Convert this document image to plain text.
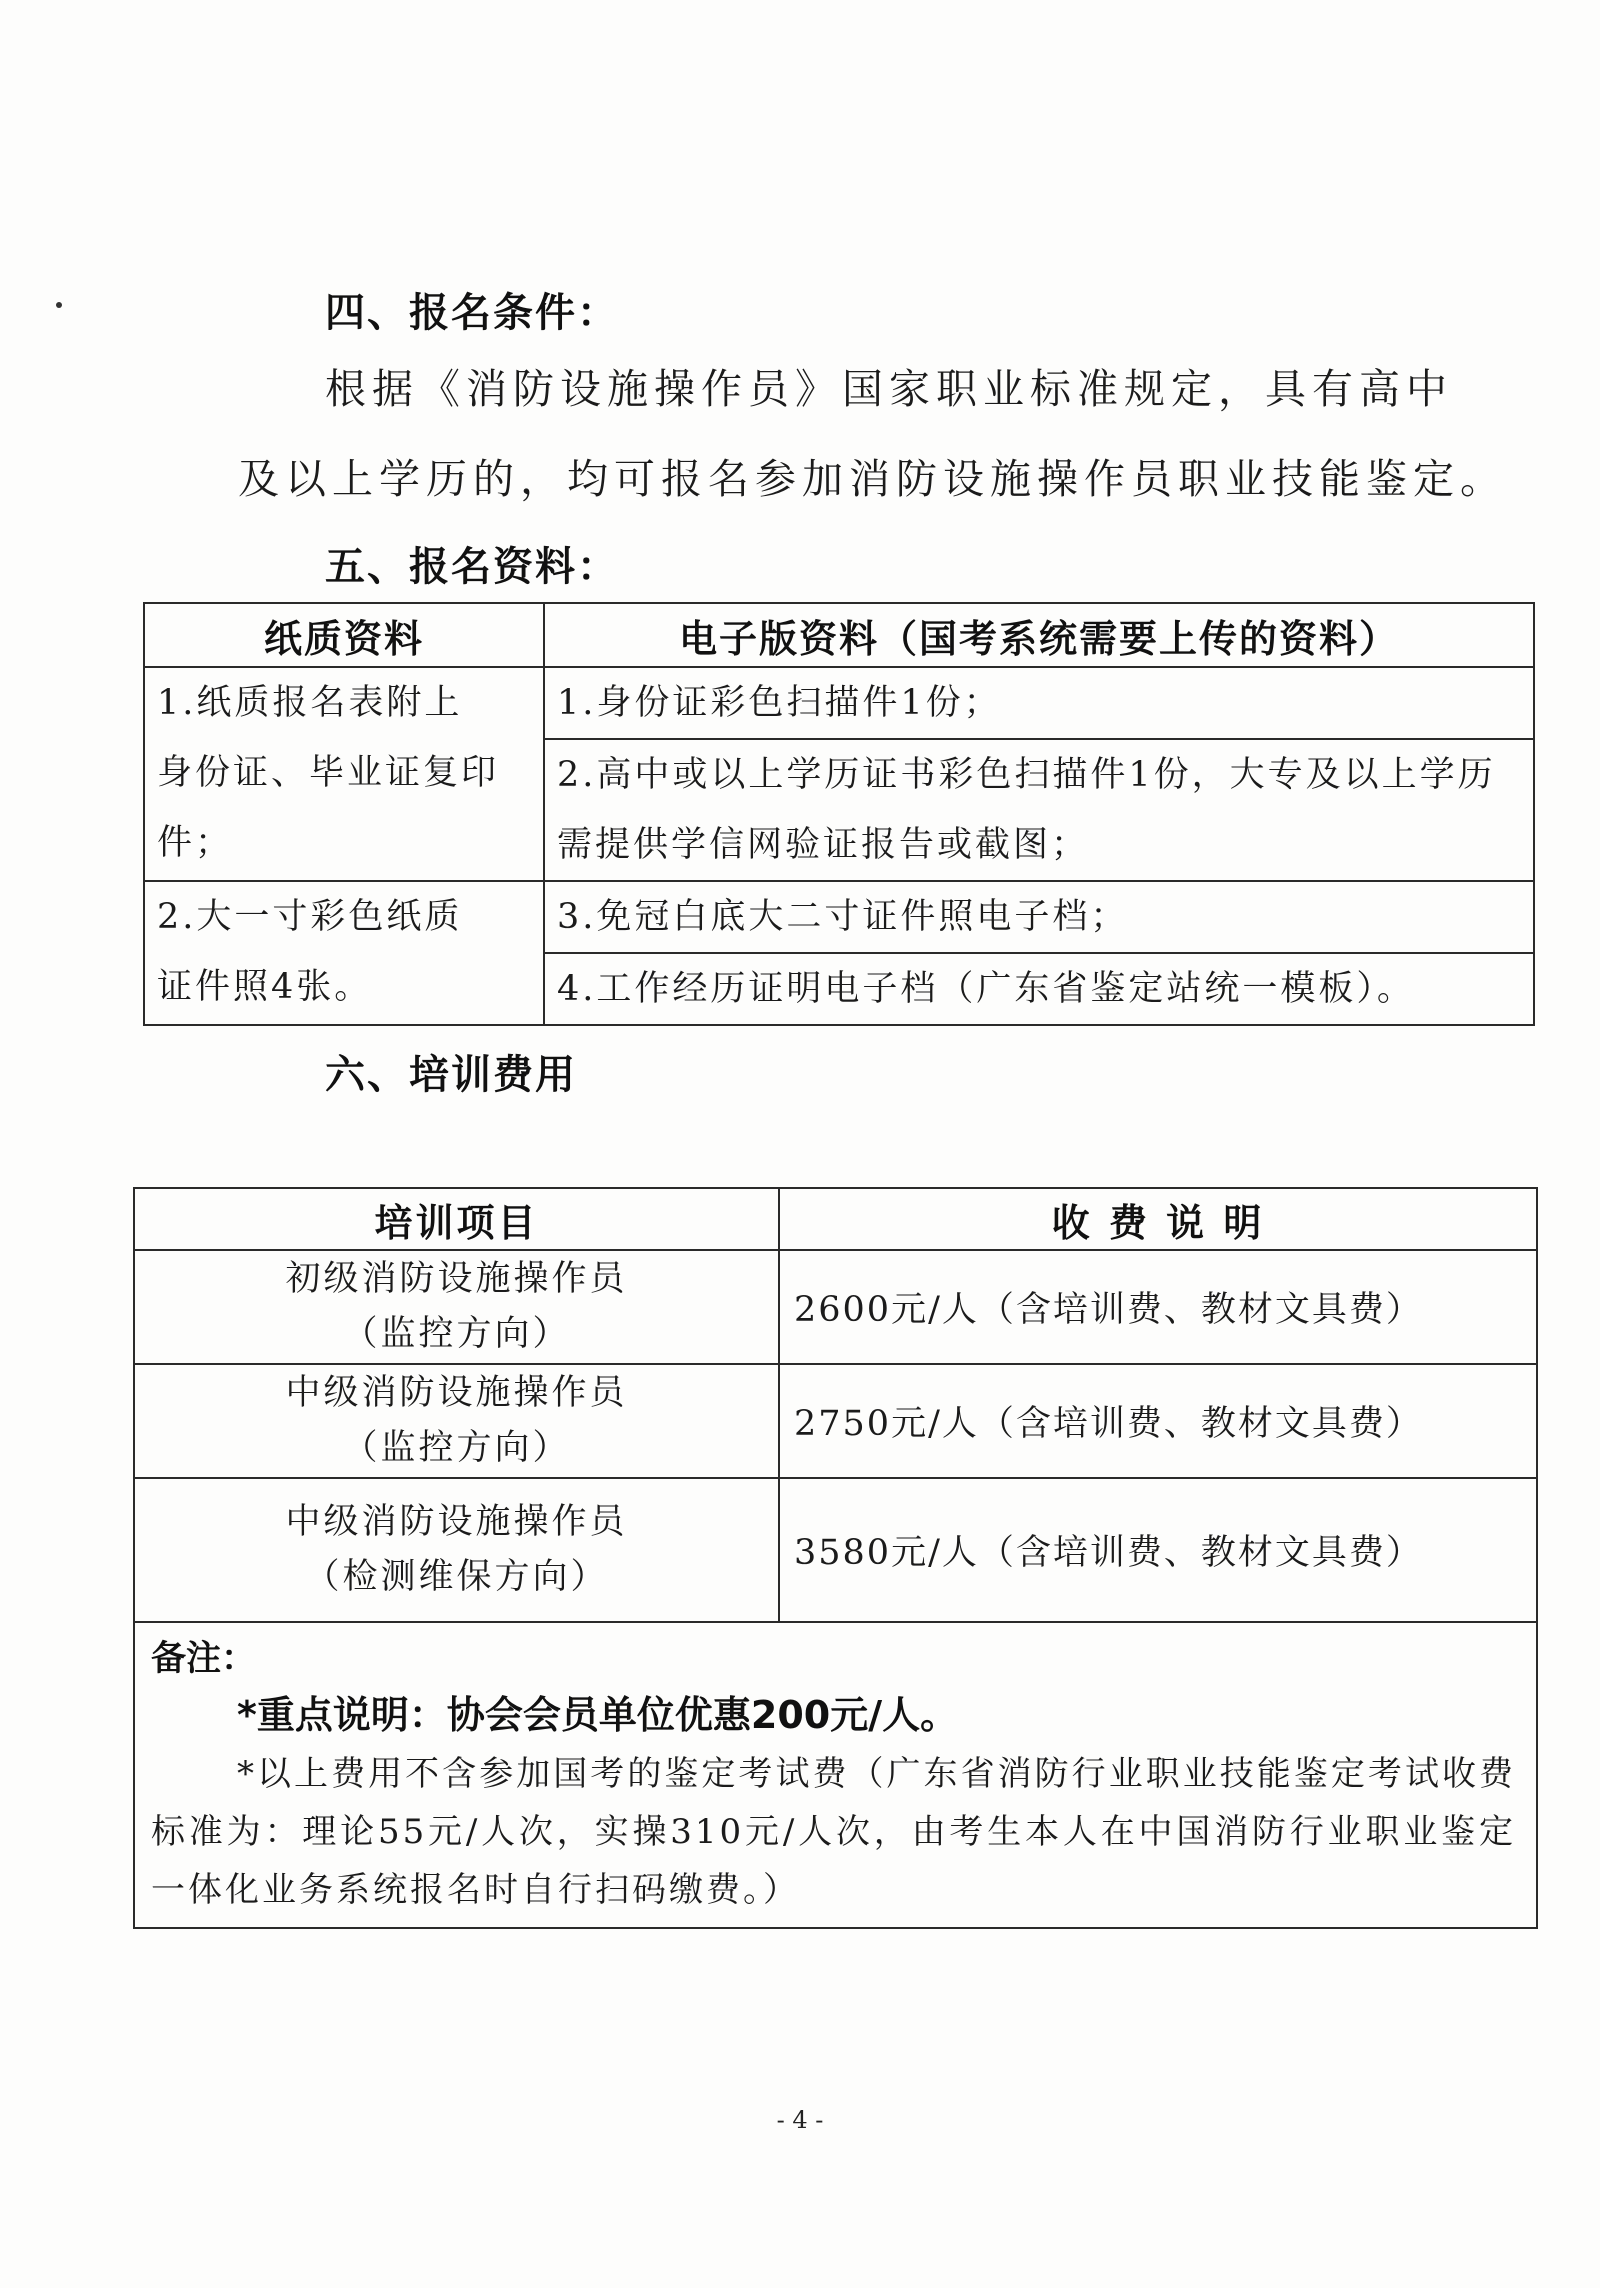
四、报名条件：
根据《消防设施操作员》国家职业标准规定，具有高中
及以上学历的，均可报名参加消防设施操作员职业技能鉴定。
五、报名资料：
纸质资料	电子版资料（国考系统需要上传的资料）
1.纸质报名表附上
身份证、毕业证复印
件；	1.身份证彩色扫描件1份；
	2.高中或以上学历证书彩色扫描件1份，大专及以上学历需提供学信网验证报告或截图；
2.大一寸彩色纸质
证件照4张。	3.免冠白底大二寸证件照电子档；
	4.工作经历证明电子档（广东省鉴定站统一模板）。
六、培训费用
培训项目	收 费 说 明

初级消防设施操作员
（监控方向）	2600元/人（含培训费、教材文具费）

中级消防设施操作员
（监控方向）	2750元/人（含培训费、教材文具费）

中级消防设施操作员
（检测维保方向）	3580元/人（含培训费、教材文具费）

备注：
*重点说明：协会会员单位优惠200元/人。
*以上费用不含参加国考的鉴定考试费（广东省消防行业职业技能鉴定考试收费标准为：理论55元/人次，实操310元/人次，由考生本人在中国消防行业职业鉴定一体化业务系统报名时自行扫码缴费。）	
- 4 -
